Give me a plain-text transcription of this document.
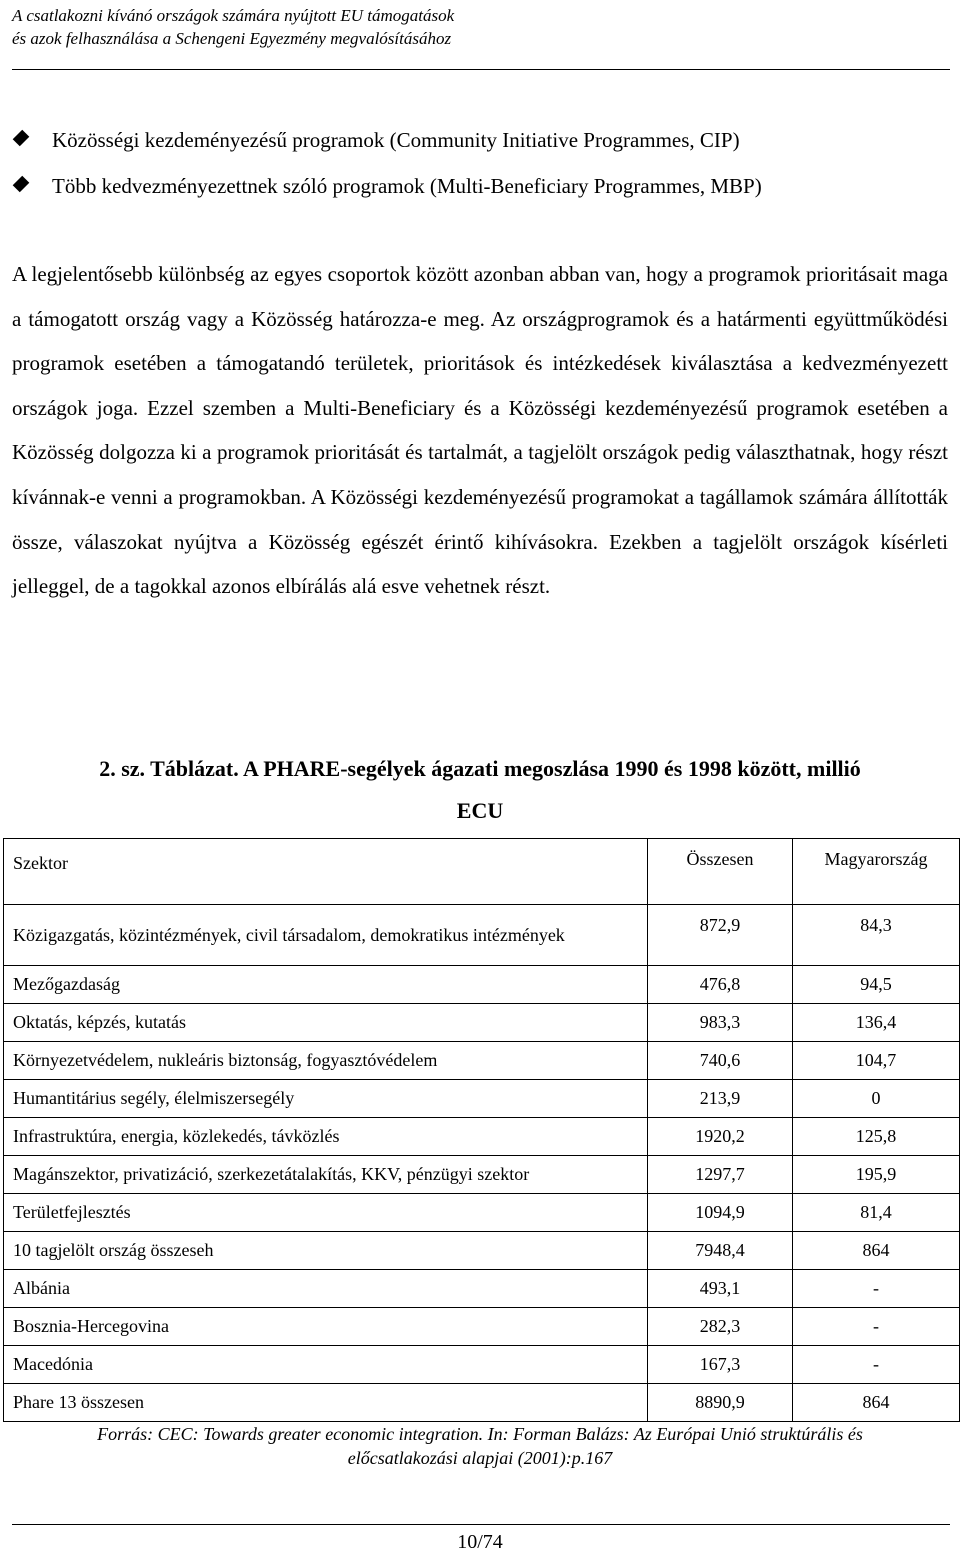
A csatlakozni kívánó országok számára nyújtott EU támogatások
és azok felhasználása a Schengeni Egyezmény megvalósításához
Közösségi kezdeményezésű programok (Community Initiative Programmes, CIP)
Több kedvezményezettnek szóló programok (Multi-Beneficiary Programmes, MBP)
A legjelentősebb különbség az egyes csoportok között azonban abban van, hogy a programok prioritásait maga a támogatott ország vagy a Közösség határozza-e meg. Az országprogramok és a határmenti együttműködési programok esetében a támogatandó területek, prioritások és intézkedések kiválasztása a kedvezményezett országok joga. Ezzel szemben a Multi-Beneficiary és a Közösségi kezdeményezésű programok esetében a Közösség dolgozza ki a programok prioritását és tartalmát, a tagjelölt országok pedig választhatnak, hogy részt kívánnak-e venni a programokban. A Közösségi kezdeményezésű programokat a tagállamok számára állították össze, válaszokat nyújtva a Közösség egészét érintő kihívásokra. Ezekben a tagjelölt országok kísérleti jelleggel, de a tagokkal azonos elbírálás alá esve vehetnek részt.
2. sz. Táblázat. A PHARE-segélyek ágazati megoszlása 1990 és 1998 között, millió
ECU
Szektor	Összesen	Magyarország
Közigazgatás, közintézmények, civil társadalom, demokratikus intézmények	872,9	84,3
Mezőgazdaság	476,8	94,5
Oktatás, képzés, kutatás	983,3	136,4
Környezetvédelem, nukleáris biztonság, fogyasztóvédelem	740,6	104,7
Humantitárius segély, élelmiszersegély	213,9	0
Infrastruktúra, energia, közlekedés, távközlés	1920,2	125,8
Magánszektor, privatizáció, szerkezetátalakítás, KKV, pénzügyi szektor	1297,7	195,9
Területfejlesztés	1094,9	81,4
10 tagjelölt ország összeseh	7948,4	864
Albánia	493,1	-
Bosznia-Hercegovina	282,3	-
Macedónia	167,3	-
Phare 13 összesen	8890,9	864
Forrás: CEC: Towards greater economic integration. In: Forman Balázs: Az Európai Unió struktúrális és
előcsatlakozási alapjai (2001):p.167
10/74
